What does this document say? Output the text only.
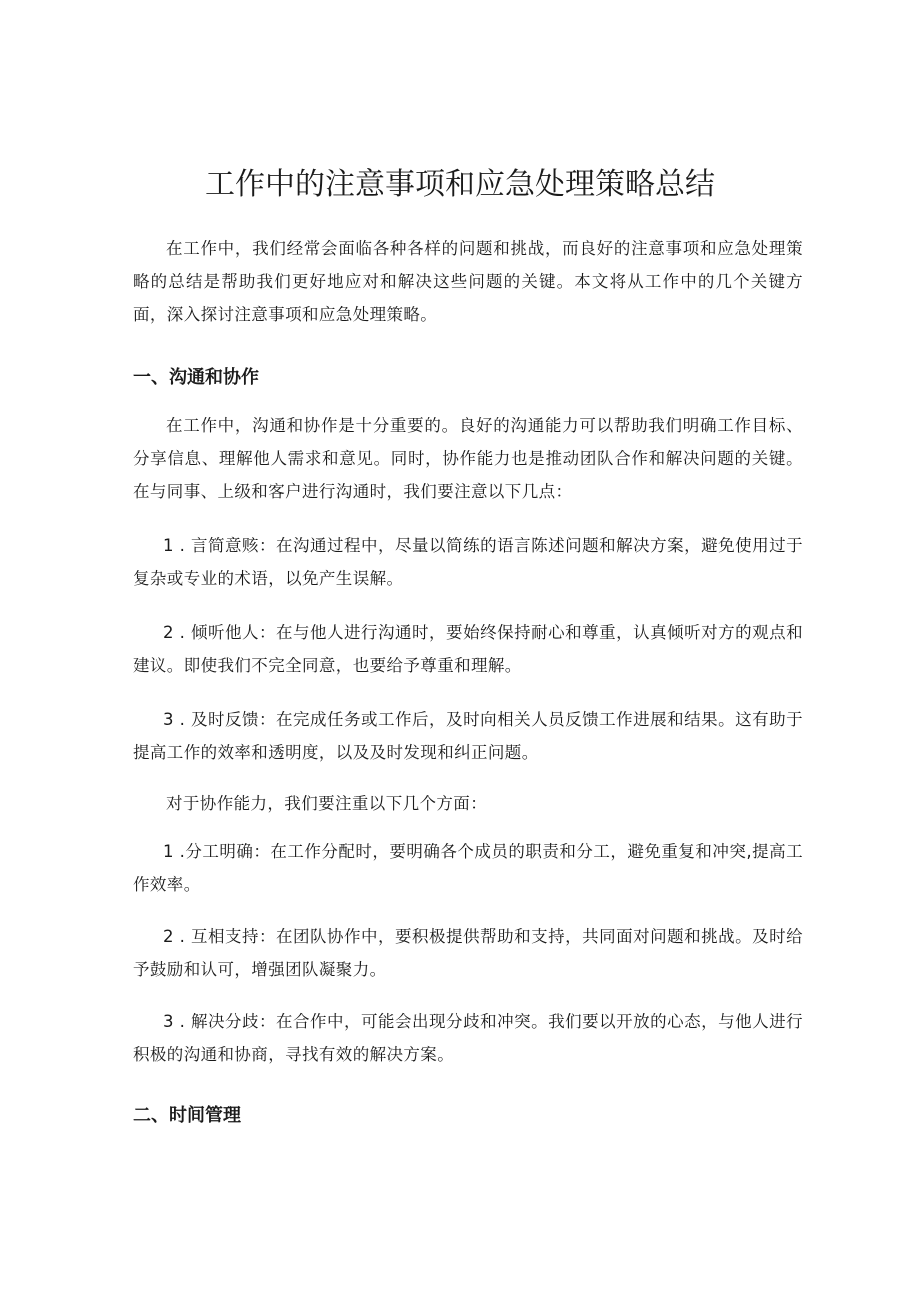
工作中的注意事项和应急处理策略总结

在工作中，我们经常会面临各种各样的问题和挑战，而良好的注意事项和应急处理策略的总结是帮助我们更好地应对和解决这些问题的关键。本文将从工作中的几个关键方面，深入探讨注意事项和应急处理策略。

一、沟通和协作

在工作中，沟通和协作是十分重要的。良好的沟通能力可以帮助我们明确工作目标、分享信息、理解他人需求和意见。同时，协作能力也是推动团队合作和解决问题的关键。在与同事、上级和客户进行沟通时，我们要注意以下几点：

1 . 言简意赅：在沟通过程中，尽量以简练的语言陈述问题和解决方案，避免使用过于复杂或专业的术语，以免产生误解。

2 . 倾听他人：在与他人进行沟通时，要始终保持耐心和尊重，认真倾听对方的观点和建议。即使我们不完全同意，也要给予尊重和理解。

3 . 及时反馈：在完成任务或工作后，及时向相关人员反馈工作进展和结果。这有助于提高工作的效率和透明度，以及及时发现和纠正问题。

对于协作能力，我们要注重以下几个方面：

1 .分工明确：在工作分配时，要明确各个成员的职责和分工，避免重复和冲突,提高工作效率。

2 . 互相支持：在团队协作中，要积极提供帮助和支持，共同面对问题和挑战。及时给予鼓励和认可，增强团队凝聚力。

3 . 解决分歧：在合作中，可能会出现分歧和冲突。我们要以开放的心态，与他人进行积极的沟通和协商，寻找有效的解决方案。

二、时间管理
